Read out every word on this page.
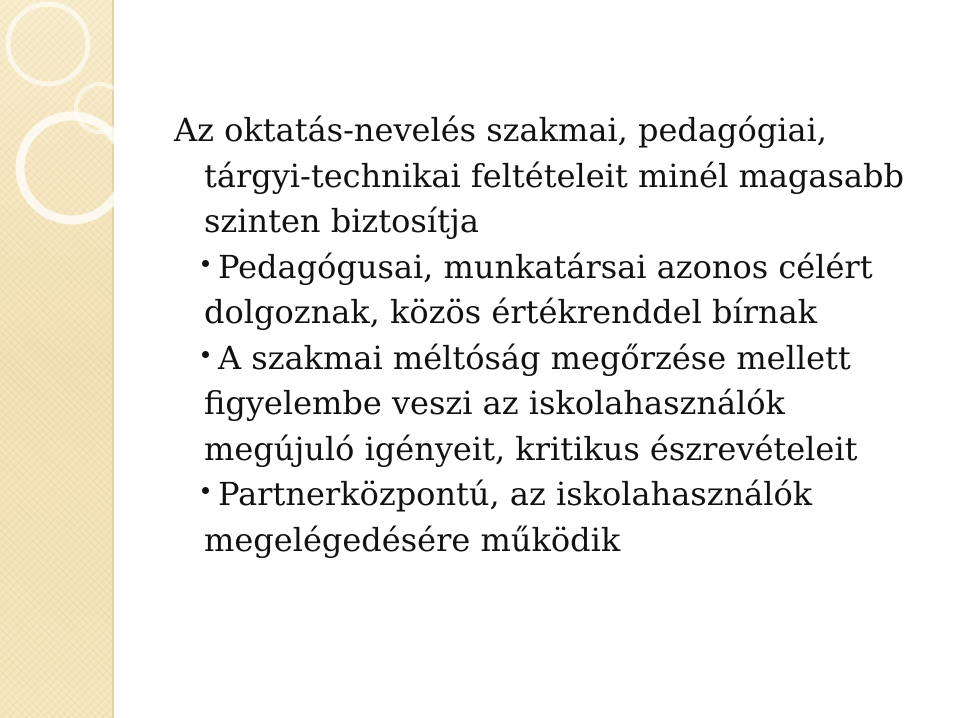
Az oktatás-nevelés szakmai, pedagógiai, tárgyi-technikai feltételeit minél magasabb szinten biztosítja

Pedagógusai, munkatársai azonos célért dolgoznak, közös értékrenddel bírnak

A szakmai méltóság megőrzése mellett figyelembe veszi az iskolahasználók megújuló igényeit, kritikus észrevételeit

Partnerközpontú, az iskolahasználók megelégedésére működik
